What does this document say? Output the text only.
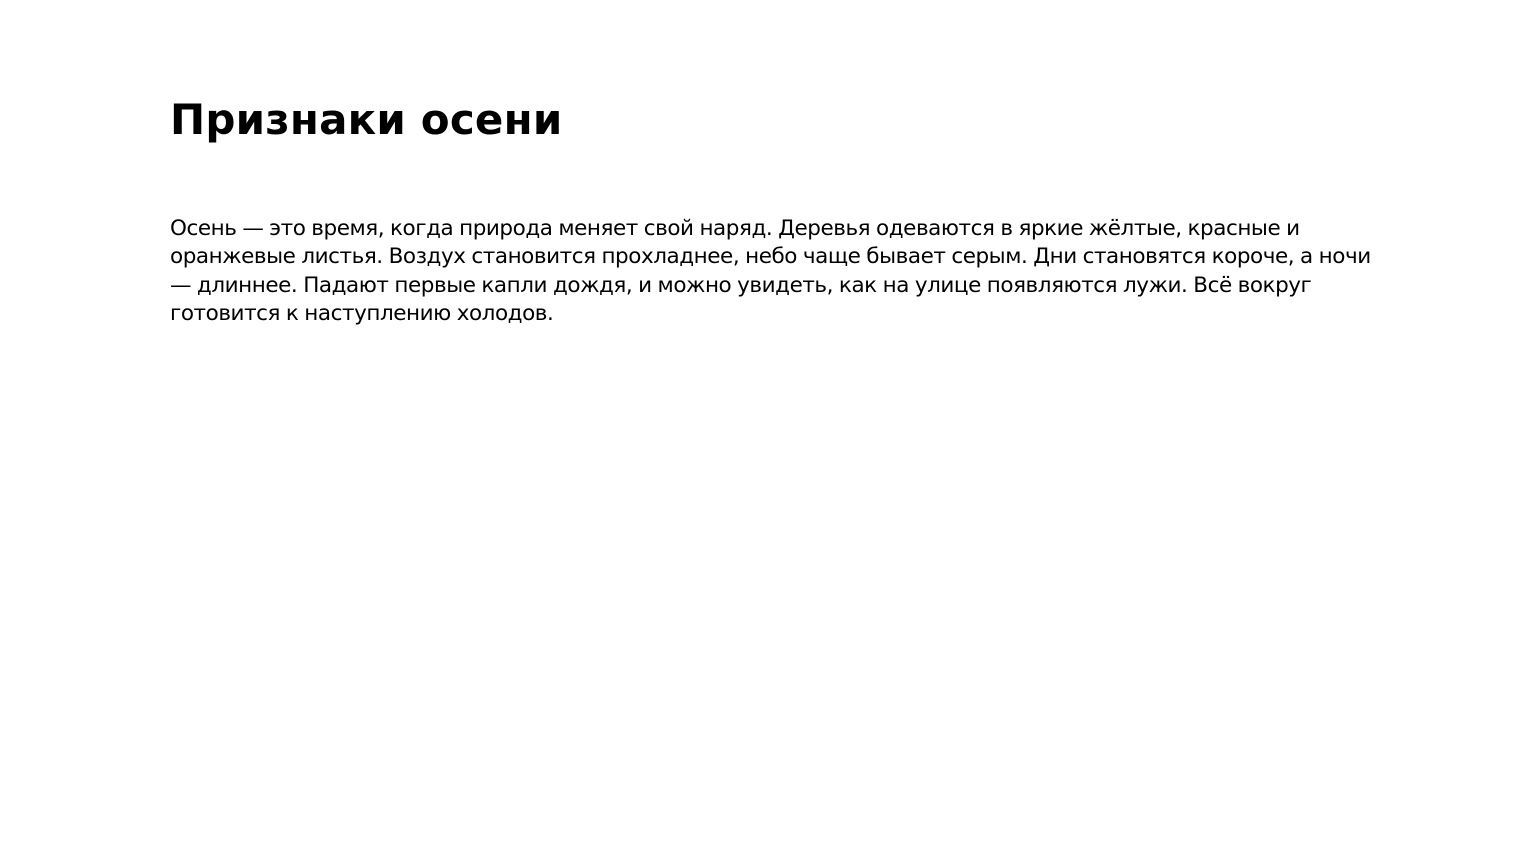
Признаки осени

Осень — это время, когда природа меняет свой наряд. Деревья одеваются в яркие жёлтые, красные и оранжевые листья. Воздух становится прохладнее, небо чаще бывает серым. Дни становятся короче, а ночи — длиннее. Падают первые капли дождя, и можно увидеть, как на улице появляются лужи. Всё вокруг готовится к наступлению холодов.
